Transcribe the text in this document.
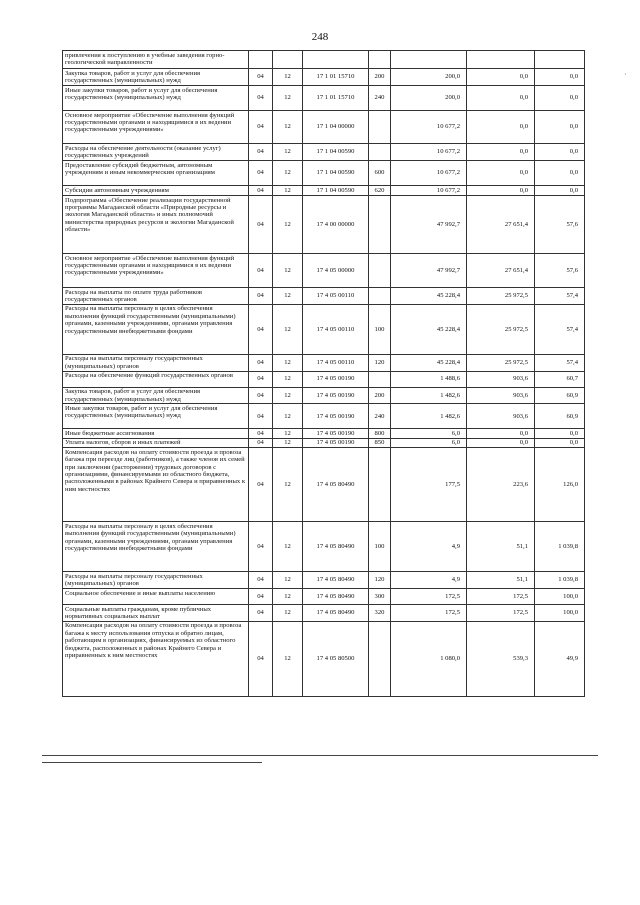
248
·
привлечения к поступлению в учебные заведения горно-геологической направленности							
Закупка товаров, работ и услуг для обеспечения государственных (муниципальных) нужд	04	12	17 1 01 15710	200	200,0	0,0	0,0
Иные закупки товаров, работ и услуг для обеспечения государственных (муниципальных) нужд	04	12	17 1 01 15710	240	200,0	0,0	0,0
Основное мероприятие «Обеспечение выполнения функций государственными органами и находящимися в их ведении государственными учреждениями»	04	12	17 1 04 00000		10 677,2	0,0	0,0
Расходы на обеспечение деятельности (оказание услуг) государственных учреждений	04	12	17 1 04 00590		10 677,2	0,0	0,0
Предоставление субсидий бюджетным, автономным учреждениям и иным некоммерческим организациям	04	12	17 1 04 00590	600	10 677,2	0,0	0,0
Субсидии автономным учреждениям	04	12	17 1 04 00590	620	10 677,2	0,0	0,0
Подпрограмма «Обеспечение реализации государственной программы Магаданской области «Природные ресурсы и экология Магаданской области» и иных полномочий министерства природных ресурсов и экологии Магаданской области»	04	12	17 4 00 00000		47 992,7	27 651,4	57,6
Основное мероприятие «Обеспечение выполнения функций государственными органами и находящимися в их ведении государственными учреждениями»	04	12	17 4 05 00000		47 992,7	27 651,4	57,6
Расходы на выплаты по оплате труда работников государственных органов	04	12	17 4 05 00110		45 228,4	25 972,5	57,4
Расходы на выплаты персоналу в целях обеспечения выполнения функций государственными (муниципальными) органами, казенными учреждениями, органами управления государственными внебюджетными фондами	04	12	17 4 05 00110	100	45 228,4	25 972,5	57,4
Расходы на выплаты персоналу государственных (муниципальных) органов	04	12	17 4 05 00110	120	45 228,4	25 972,5	57,4
Расходы на обеспечение функций государственных органов	04	12	17 4 05 00190		1 488,6	903,6	60,7
Закупка товаров, работ и услуг для обеспечения государственных (муниципальных) нужд	04	12	17 4 05 00190	200	1 482,6	903,6	60,9
Иные закупки товаров, работ и услуг для обеспечения государственных (муниципальных) нужд	04	12	17 4 05 00190	240	1 482,6	903,6	60,9
Иные бюджетные ассигнования	04	12	17 4 05 00190	800	6,0	0,0	0,0
Уплата налогов, сборов и иных платежей	04	12	17 4 05 00190	850	6,0	0,0	0,0
Компенсация расходов на оплату стоимости проезда и провоза багажа при переезде лиц (работников), а также членов их семей при заключении (расторжении) трудовых договоров с организациями, финансируемыми из областного бюджета, расположенными в районах Крайнего Севера и приравненных к ним местностях	04	12	17 4 05 80490		177,5	223,6	126,0
Расходы на выплаты персоналу в целях обеспечения выполнения функций государственными (муниципальными) органами, казенными учреждениями, органами управления государственными внебюджетными фондами	04	12	17 4 05 80490	100	4,9	51,1	1 039,8
Расходы на выплаты персоналу государственных (муниципальных) органов	04	12	17 4 05 80490	120	4,9	51,1	1 039,8
Социальное обеспечение и иные выплаты населению	04	12	17 4 05 80490	300	172,5	172,5	100,0
Социальные выплаты гражданам, кроме публичных нормативных социальных выплат	04	12	17 4 05 80490	320	172,5	172,5	100,0
Компенсация расходов на оплату стоимости проезда и провоза багажа к месту использования отпуска и обратно лицам, работающим в организациях, финансируемых из областного бюджета, расположенных в районах Крайнего Севера и приравненных к ним местностях	04	12	17 4 05 80500		1 080,0	539,3	49,9
